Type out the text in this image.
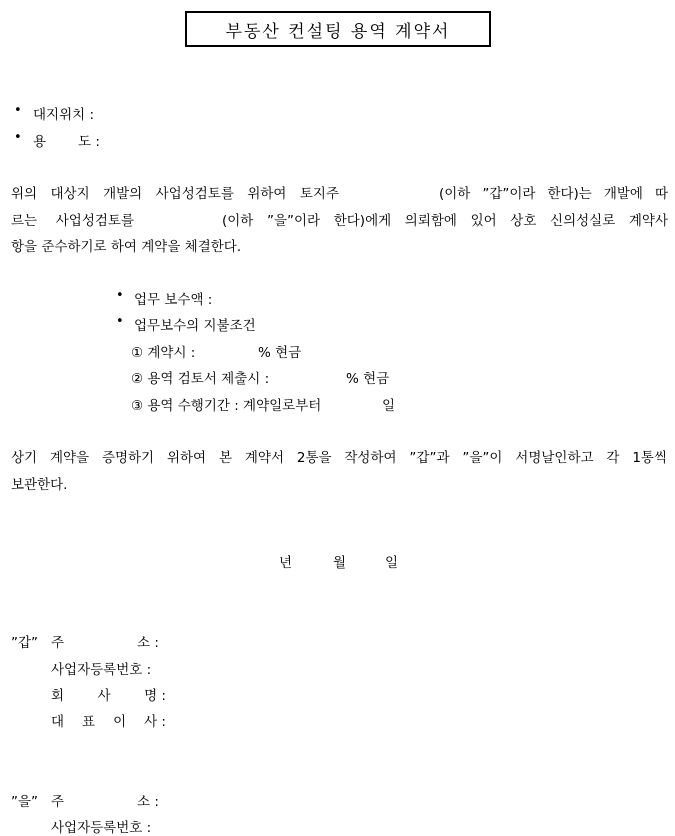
부동산 컨설팅 용역 계약서
• 대지위치 :
• 용 도 :
위의 대상지 개발의 사업성검토를 위하여 토지주	(이하 ”갑”이라 한다)는 개발에 따
르는 사업성검토를	(이하 ”을”이라 한다)에게 의뢰함에 있어 상호 신의성실로 계약사
항을 준수하기로 하여 계약을 체결한다.
• 업무 보수액 :
• 업무보수의 지불조건
① 계약시 :	% 현금
② 용역 검토서 제출시 :	% 현금
③ 용역 수행기간 : 계약일로부터	일
상기 계약을 증명하기 위하여 본 계약서 2통을 작성하여 ”갑”과 ”을”이 서명날인하고 각 1통씩
보관한다.
년	월	일
”갑” 주	소 :
사업자등록번호 :
회 사 명 :
대 표 이 사 :
”을” 주	소 :
사업자등록번호 :
